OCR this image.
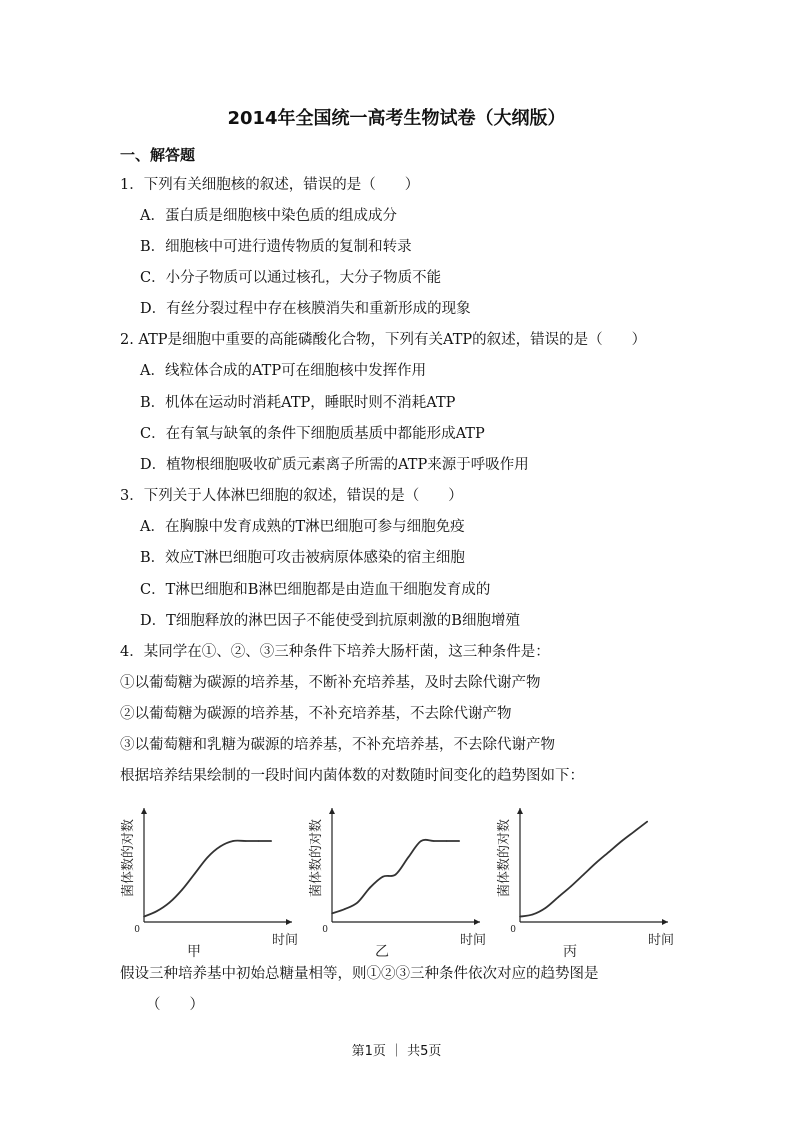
2014年全国统一高考生物试卷（大纲版）
一、解答题
1．下列有关细胞核的叙述，错误的是（　　）
A．蛋白质是细胞核中染色质的组成成分
B．细胞核中可进行遗传物质的复制和转录
C．小分子物质可以通过核孔，大分子物质不能
D．有丝分裂过程中存在核膜消失和重新形成的现象
2. ATP是细胞中重要的高能磷酸化合物，下列有关ATP的叙述，错误的是（　　）
A．线粒体合成的ATP可在细胞核中发挥作用
B．机体在运动时消耗ATP，睡眠时则不消耗ATP
C．在有氧与缺氧的条件下细胞质基质中都能形成ATP
D．植物根细胞吸收矿质元素离子所需的ATP来源于呼吸作用
3．下列关于人体淋巴细胞的叙述，错误的是（　　）
A．在胸腺中发育成熟的T淋巴细胞可参与细胞免疫
B．效应T淋巴细胞可攻击被病原体感染的宿主细胞
C．T淋巴细胞和B淋巴细胞都是由造血干细胞发育成的
D．T细胞释放的淋巴因子不能使受到抗原刺激的B细胞增殖
4．某同学在①、②、③三种条件下培养大肠杆菌，这三种条件是：
①以葡萄糖为碳源的培养基，不断补充培养基，及时去除代谢产物
②以葡萄糖为碳源的培养基，不补充培养基，不去除代谢产物
③以葡萄糖和乳糖为碳源的培养基，不补充培养基，不去除代谢产物
根据培养结果绘制的一段时间内菌体数的对数随时间变化的趋势图如下：
0
菌体数的对数
时间
甲
0
菌体数的对数
时间
乙
0
菌体数的对数
时间
丙
假设三种培养基中初始总糖量相等，则①②③三种条件依次对应的趋势图是
（　　）
第1页 ｜ 共5页
